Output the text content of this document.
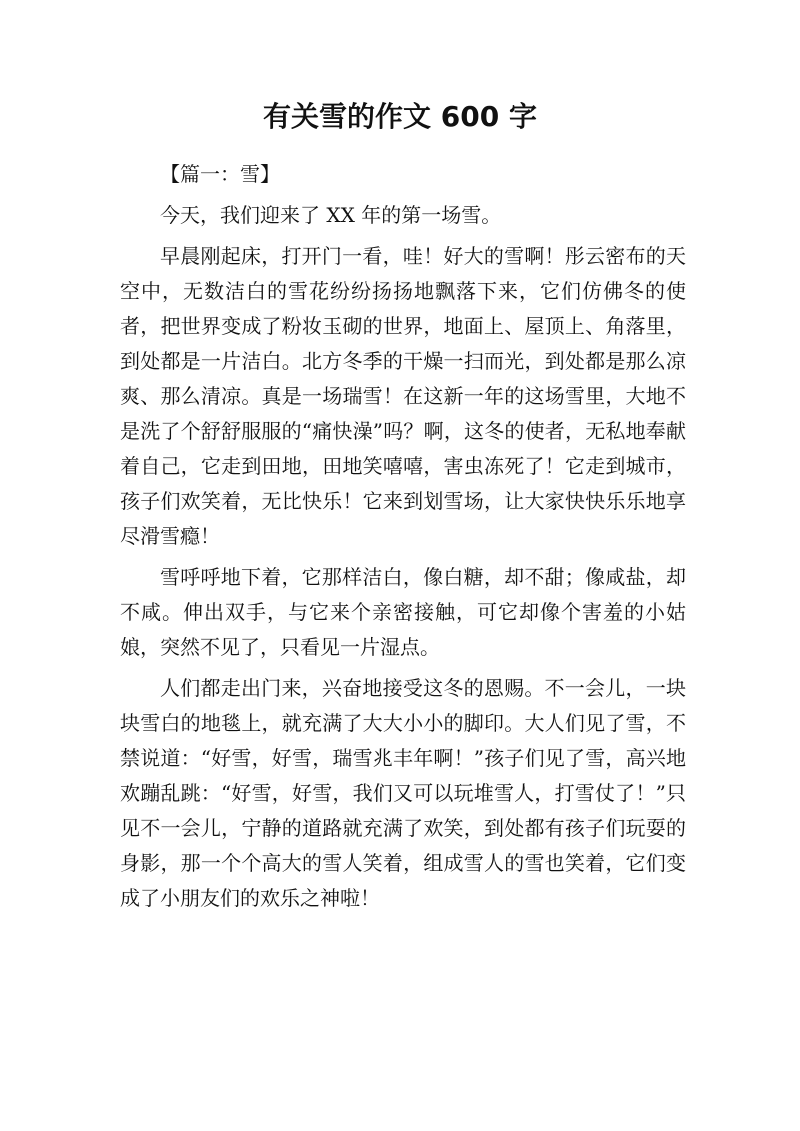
有关雪的作文 600 字

【篇一：雪】

今天，我们迎来了 XX 年的第一场雪。

早晨刚起床，打开门一看，哇！好大的雪啊！彤云密布的天空中，无数洁白的雪花纷纷扬扬地飘落下来，它们仿佛冬的使者，把世界变成了粉妆玉砌的世界，地面上、屋顶上、角落里，到处都是一片洁白。北方冬季的干燥一扫而光，到处都是那么凉爽、那么清凉。真是一场瑞雪！在这新一年的这场雪里，大地不是洗了个舒舒服服的“痛快澡”吗？啊，这冬的使者，无私地奉献着自己，它走到田地，田地笑嘻嘻，害虫冻死了！它走到城市，孩子们欢笑着，无比快乐！它来到划雪场，让大家快快乐乐地享尽滑雪瘾！

雪呼呼地下着，它那样洁白，像白糖，却不甜；像咸盐，却不咸。伸出双手，与它来个亲密接触，可它却像个害羞的小姑娘，突然不见了，只看见一片湿点。

人们都走出门来，兴奋地接受这冬的恩赐。不一会儿，一块块雪白的地毯上，就充满了大大小小的脚印。大人们见了雪，不禁说道：“好雪，好雪，瑞雪兆丰年啊！”孩子们见了雪，高兴地欢蹦乱跳：“好雪，好雪，我们又可以玩堆雪人，打雪仗了！”只见不一会儿，宁静的道路就充满了欢笑，到处都有孩子们玩耍的身影，那一个个高大的雪人笑着，组成雪人的雪也笑着，它们变成了小朋友们的欢乐之神啦！
